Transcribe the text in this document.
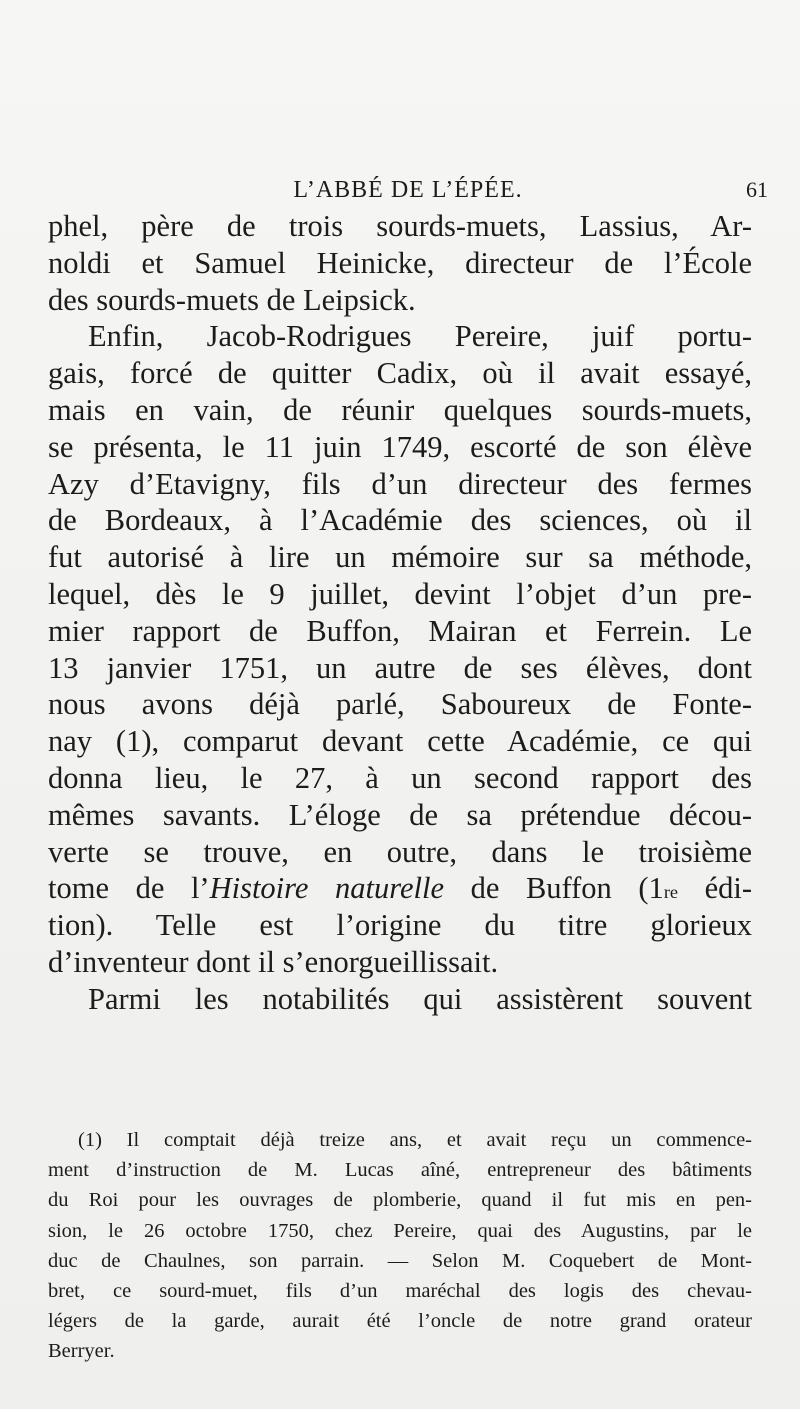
L’ABBÉ DE L’ÉPÉE.	61
phel, père de trois sourds-muets, Lassius, Ar-
noldi et Samuel Heinicke, directeur de l’École
des sourds-muets de Leipsick.
Enfin, Jacob-Rodrigues Pereire, juif portu-
gais, forcé de quitter Cadix, où il avait essayé,
mais en vain, de réunir quelques sourds-muets,
se présenta, le 11 juin 1749, escorté de son élève
Azy d’Etavigny, fils d’un directeur des fermes
de Bordeaux, à l’Académie des sciences, où il
fut autorisé à lire un mémoire sur sa méthode,
lequel, dès le 9 juillet, devint l’objet d’un pre-
mier rapport de Buffon, Mairan et Ferrein. Le
13 janvier 1751, un autre de ses élèves, dont
nous avons déjà parlé, Saboureux de Fonte-
nay (1), comparut devant cette Académie, ce qui
donna lieu, le 27, à un second rapport des
mêmes savants. L’éloge de sa prétendue décou-
verte se trouve, en outre, dans le troisième
tome de l’Histoire naturelle de Buffon (1re édi-
tion). Telle est l’origine du titre glorieux
d’inventeur dont il s’enorgueillissait.
Parmi les notabilités qui assistèrent souvent
(1) Il comptait déjà treize ans, et avait reçu un commence-
ment d’instruction de M. Lucas aîné, entrepreneur des bâtiments
du Roi pour les ouvrages de plomberie, quand il fut mis en pen-
sion, le 26 octobre 1750, chez Pereire, quai des Augustins, par le
duc de Chaulnes, son parrain. — Selon M. Coquebert de Mont-
bret, ce sourd-muet, fils d’un maréchal des logis des chevau-
légers de la garde, aurait été l’oncle de notre grand orateur
Berryer.
